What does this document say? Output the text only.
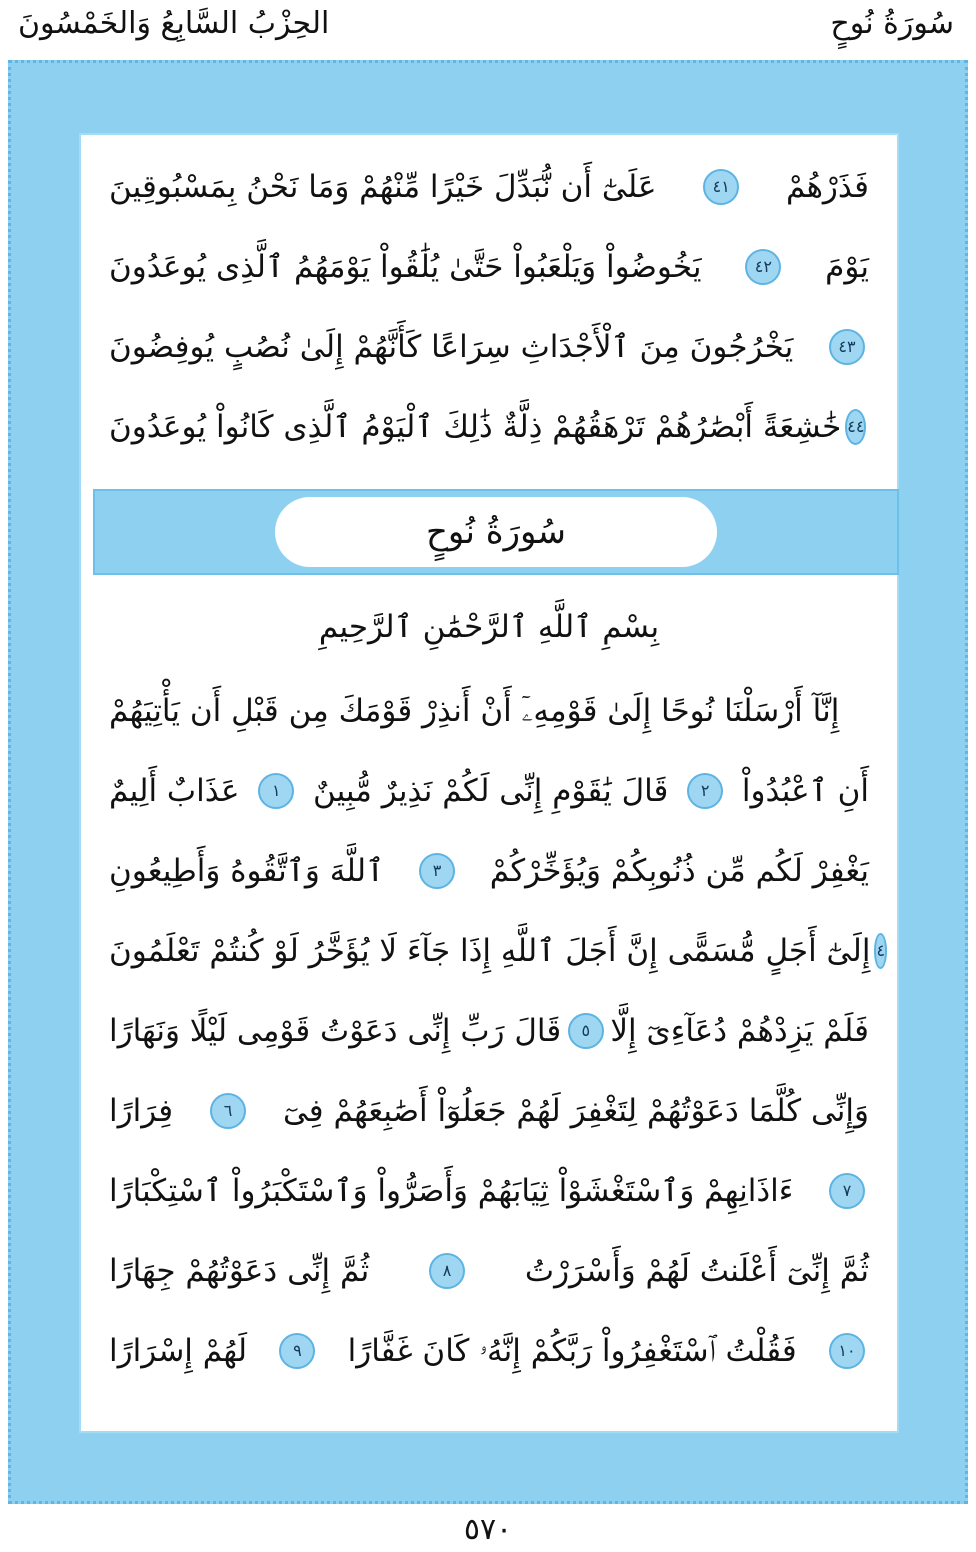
الحِزْبُ السَّابِعُ وَالخَمْسُونَ	سُورَةُ نُوحٍ
عَلَىٰٓ أَن نُّبَدِّلَ خَيْرًا مِّنْهُمْ وَمَا نَحْنُ بِمَسْبُوقِينَ	٤١	فَذَرْهُمْ
يَخُوضُواْ وَيَلْعَبُواْ حَتَّىٰ يُلَٰقُواْ يَوْمَهُمُ ٱلَّذِى يُوعَدُونَ	٤٢	يَوْمَ
يَخْرُجُونَ مِنَ ٱلْأَجْدَاثِ سِرَاعًا كَأَنَّهُمْ إِلَىٰ نُصُبٍ يُوفِضُونَ	٤٣
خَٰشِعَةً أَبْصَٰرُهُمْ تَرْهَقُهُمْ ذِلَّةٌ ذَٰلِكَ ٱلْيَوْمُ ٱلَّذِى كَانُواْ يُوعَدُونَ ٤٤
سُورَةُ نُوحٍ
بِسْمِ ٱللَّهِ ٱلرَّحْمَٰنِ ٱلرَّحِيمِ
إِنَّآ أَرْسَلْنَا نُوحًا إِلَىٰ قَوْمِهِۦٓ أَنْ أَنذِرْ قَوْمَكَ مِن قَبْلِ أَن يَأْتِيَهُمْ
عَذَابٌ أَلِيمٌ	١	قَالَ يَٰقَوْمِ إِنِّى لَكُمْ نَذِيرٌ مُّبِينٌ	٢	أَنِ ٱعْبُدُواْ
ٱللَّهَ وَٱتَّقُوهُ وَأَطِيعُونِ	٣	يَغْفِرْ لَكُم مِّن ذُنُوبِكُمْ وَيُؤَخِّرْكُمْ
إِلَىٰٓ أَجَلٍ مُّسَمًّى إِنَّ أَجَلَ ٱللَّهِ إِذَا جَآءَ لَا يُؤَخَّرُ لَوْ كُنتُمْ تَعْلَمُونَ ٤
قَالَ رَبِّ إِنِّى دَعَوْتُ قَوْمِى لَيْلًا وَنَهَارًا	٥ فَلَمْ يَزِدْهُمْ دُعَآءِىٓ إِلَّا
فِرَارًا	٦	وَإِنِّى كُلَّمَا دَعَوْتُهُمْ لِتَغْفِرَ لَهُمْ جَعَلُوٓاْ أَصَٰبِعَهُمْ فِىٓ
ءَاذَانِهِمْ وَٱسْتَغْشَوْاْ ثِيَابَهُمْ وَأَصَرُّواْ وَٱسْتَكْبَرُواْ ٱسْتِكْبَارًا	٧
ثُمَّ إِنِّى دَعَوْتُهُمْ جِهَارًا	٨	ثُمَّ إِنِّىٓ أَعْلَنتُ لَهُمْ وَأَسْرَرْتُ
لَهُمْ إِسْرَارًا	٩	فَقُلْتُ ٱسْتَغْفِرُواْ رَبَّكُمْ إِنَّهُۥ كَانَ غَفَّارًا	١٠
٥٧٠
